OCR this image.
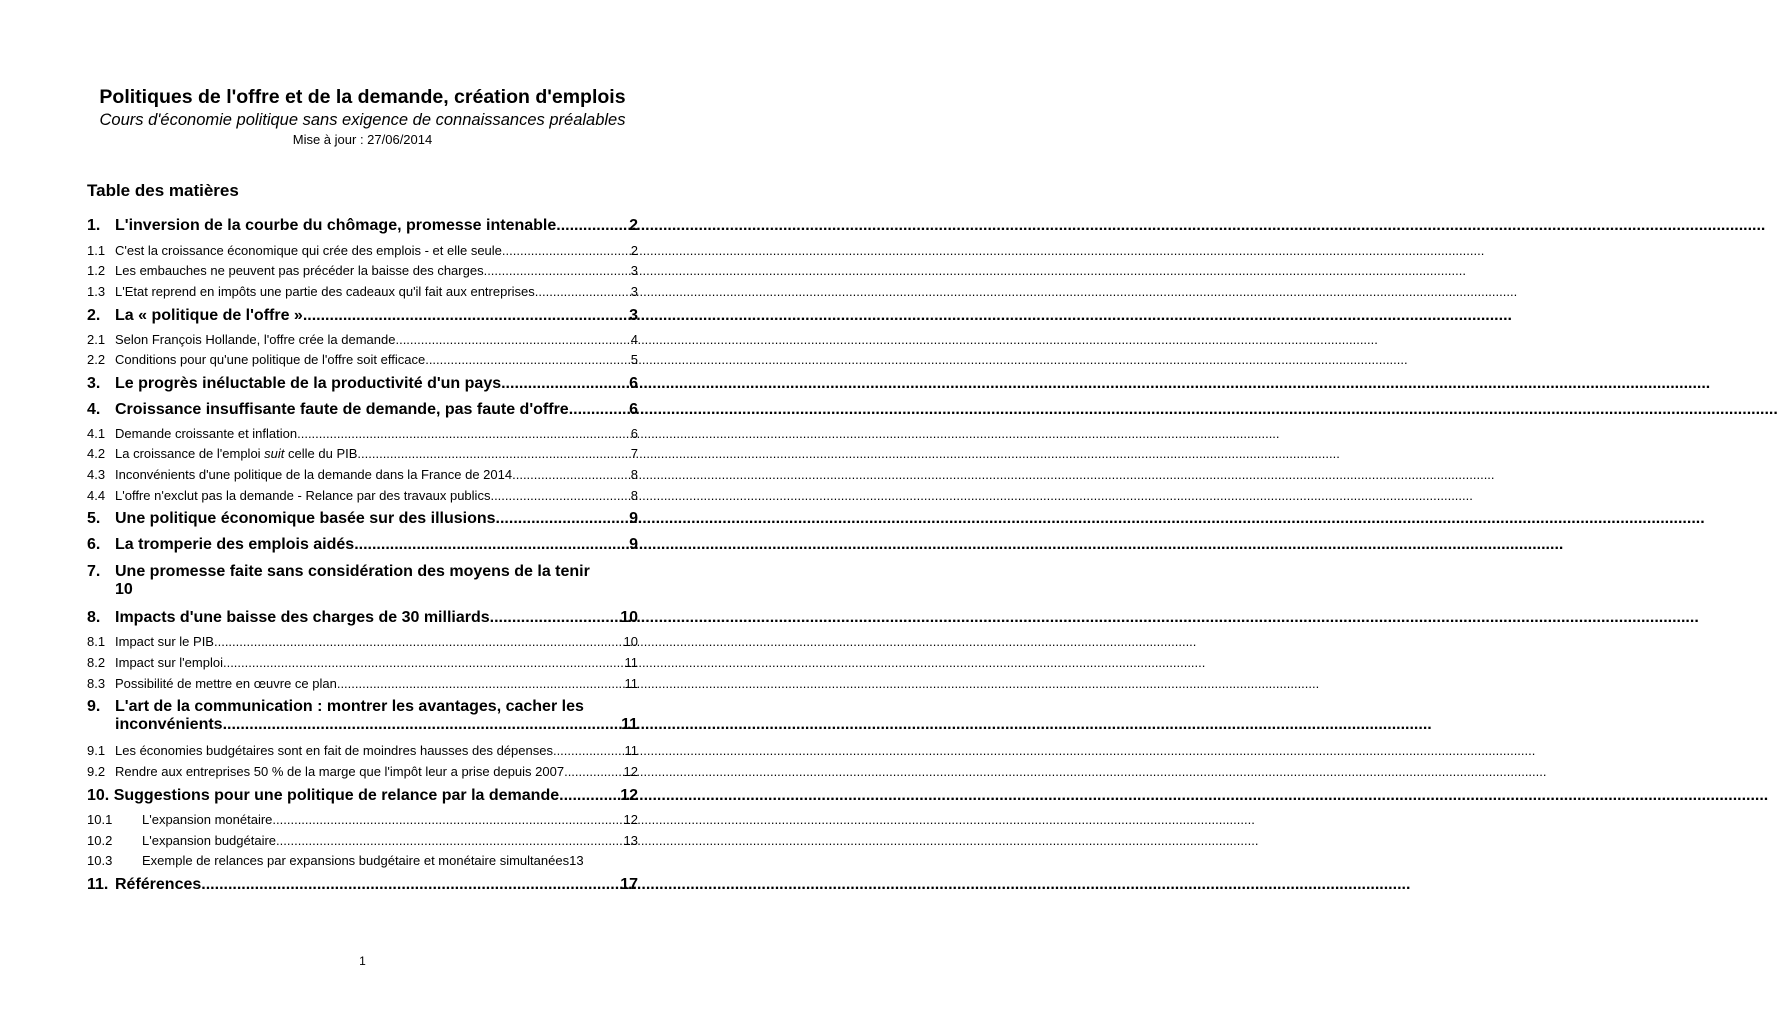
Politiques de l'offre et de la demande, création d'emplois
Cours d'économie politique sans exigence de connaissances préalables
Mise à jour : 27/06/2014
Table des matières
1. L'inversion de la courbe du chômage, promesse intenable .....	2
1.1 C'est la croissance économique qui crée des emplois - et elle seule .....	2
1.2 Les embauches ne peuvent pas précéder la baisse des charges .....	3
1.3 L'Etat reprend en impôts une partie des cadeaux qu'il fait aux entreprises .....	3
2. La « politique de l'offre » .....	3
2.1 Selon François Hollande, l'offre crée la demande .....	4
2.2 Conditions pour qu'une politique de l'offre soit efficace .....	5
3. Le progrès inéluctable de la productivité d'un pays .....	6
4. Croissance insuffisante faute de demande, pas faute d'offre .....	6
4.1 Demande croissante et inflation .....	6
4.2 La croissance de l'emploi suit celle du PIB .....	7
4.3 Inconvénients d'une politique de la demande dans la France de 2014 .....	8
4.4 L'offre n'exclut pas la demande - Relance par des travaux publics .....	8
5. Une politique économique basée sur des illusions .....	9
6. La tromperie des emplois aidés .....	9
7. Une promesse faite sans considération des moyens de la tenir
10
8. Impacts d'une baisse des charges de 30 milliards .....	10
8.1 Impact sur le PIB .....	10
8.2 Impact sur l'emploi .....	11
8.3 Possibilité de mettre en œuvre ce plan .....	11
9. L'art de la communication : montrer les avantages, cacher les
inconvénients .....	11
9.1 Les économies budgétaires sont en fait de moindres hausses des dépenses .....	11
9.2 Rendre aux entreprises 50 % de la marge que l'impôt leur a prise depuis 2007 .....	12
10. Suggestions pour une politique de relance par la demande .....	12
10.1	L'expansion monétaire .....	12
10.2	L'expansion budgétaire .....	13
10.3	Exemple de relances par expansions budgétaire et monétaire simultanées 13
11. Références .....	17
1
